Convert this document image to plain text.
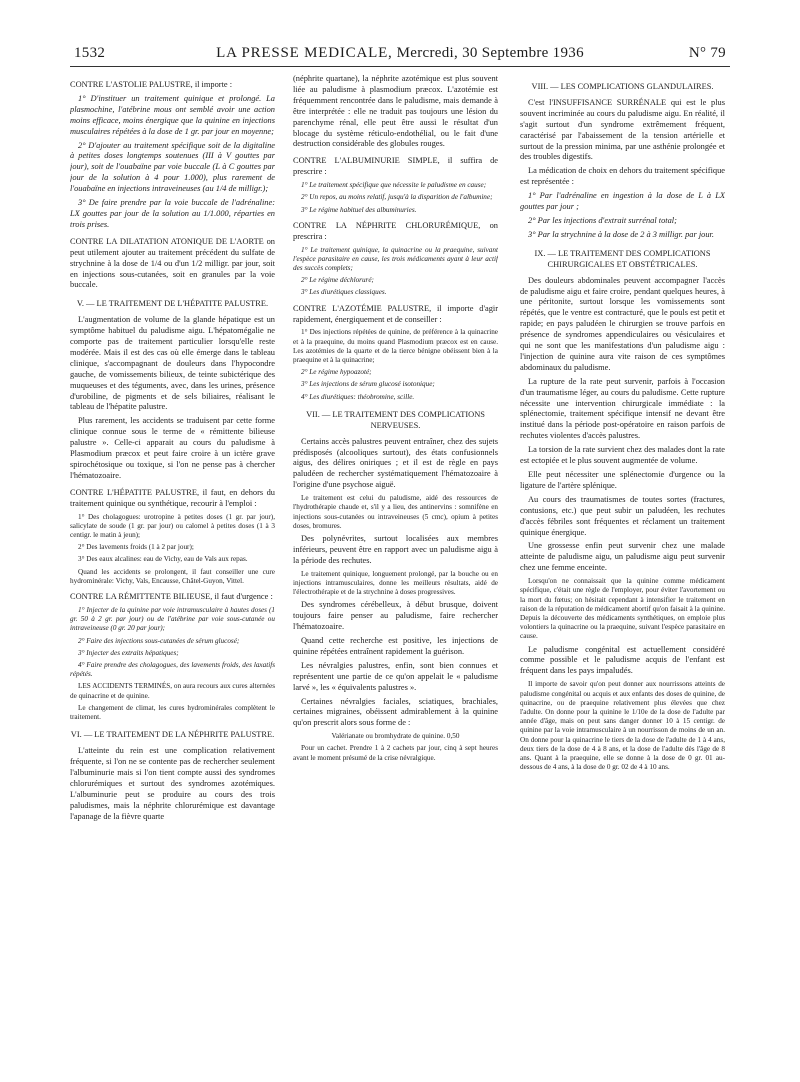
1532	LA PRESSE MEDICALE, Mercredi, 30 Septembre 1936	N° 79

CONTRE L'ASTOLIE PALUSTRE, il importe :

1° D'instituer un traitement quinique et prolongé. La plasmochine, l'atébrine mous ont semblé avoir une action moins efficace, moins énergique que la quinine en injections musculaires répétées à la dose de 1 gr. par jour en moyenne;

2° D'ajouter au traitement spécifique soit de la digitaline à petites doses longtemps soutenues (III à V gouttes par jour), soit de l'ouabaïne par voie buccale (L à C gouttes par jour de la solution à 4 pour 1.000), plus rarement de l'ouabaïne en injections intraveineuses (au 1/4 de milligr.);

3° De faire prendre par la voie buccale de l'adrénaline: LX gouttes par jour de la solution au 1/1.000, réparties en trois prises.

CONTRE LA DILATATION ATONIQUE DE L'AORTE on peut utilement ajouter au traitement précédent du sulfate de strychnine à la dose de 1/4 ou d'un 1/2 milligr. par jour, soit en injections sous-cutanées, soit en granules par la voie buccale.

V. — LE TRAITEMENT DE L'HÉPATITE PALUSTRE.

L'augmentation de volume de la glande hépatique est un symptôme habituel du paludisme aigu. L'hépatomégalie ne comporte pas de traitement particulier lorsqu'elle reste modérée. Mais il est des cas où elle émerge dans le tableau clinique, s'accompagnant de douleurs dans l'hypocondre gauche, de vomissements bilieux, de teinte subictérique des muqueuses et des téguments, avec, dans les urines, présence d'urobiline, de pigments et de sels biliaires, réalisant le tableau de l'hépatite palustre.

Plus rarement, les accidents se traduisent par cette forme clinique connue sous le terme de « rémittente bilieuse palustre ». Celle-ci apparait au cours du paludisme à Plasmodium præcox et peut faire croire à un ictère grave spirochétosique ou toxique, si l'on ne pense pas à chercher l'hématozoaire.

CONTRE L'HÉPATITE PALUSTRE, il faut, en dehors du traitement quinique ou synthétique, recourir à l'emploi :

1° Des cholagogues: urotropine à petites doses (1 gr. par jour), salicylate de soude (1 gr. par jour) ou calomel à petites doses (1 à 3 centigr. le matin à jeun);

2° Des lavements froids (1 à 2 par jour);

3° Des eaux alcalines: eau de Vichy, eau de Vals aux repas.

Quand les accidents se prolongent, il faut conseiller une cure hydrominérale: Vichy, Vals, Encausse, Châtel-Guyon, Vittel.

CONTRE LA RÉMITTENTE BILIEUSE, il faut d'urgence :

1° Injecter de la quinine par voie intramusculaire à hautes doses (1 gr. 50 à 2 gr. par jour) ou de l'atébrine par voie sous-cutanée ou intraveineuse (0 gr. 20 par jour);

2° Faire des injections sous-cutanées de sérum glucosé;

3° Injecter des extraits hépatiques;

4° Faire prendre des cholagogues, des lavements froids, des laxatifs répétés.

LES ACCIDENTS TERMINÉS, on aura recours aux cures alternées de quinacrine et de quinine.

Le changement de climat, les cures hydrominérales complètent le traitement.

VI. — LE TRAITEMENT DE LA NÉPHRITE PALUSTRE.

L'atteinte du rein est une complication relativement fréquente, si l'on ne se contente pas de rechercher seulement l'albuminurie mais si l'on tient compte aussi des syndromes chlorurémiques et surtout des syndromes azotémiques. L'albuminurie peut se produire au cours des trois paludismes, mais la néphrite chlorurémique est davantage l'apanage de la fièvre quarte

(néphrite quartane), la néphrite azotémique est plus souvent liée au paludisme à plasmodium præcox. L'azotémie est fréquemment rencontrée dans le paludisme, mais demande à être interprétée : elle ne traduit pas toujours une lésion du parenchyme rénal, elle peut être aussi le résultat d'un blocage du système réticulo-endothélial, ou le fait d'une destruction considérable des globules rouges.

CONTRE L'ALBUMINURIE SIMPLE, il suffira de prescrire :

1° Le traitement spécifique que nécessite le paludisme en cause;

2° Un repos, au moins relatif, jusqu'à la disparition de l'albumine;

3° Le régime habituel des albuminuries.

CONTRE LA NÉPHRITE CHLORURÉMIQUE, on prescrira :

1° Le traitement quinique, la quinacrine ou la praequine, suivant l'espèce parasitaire en cause, les trois médicaments ayant à leur actif des succès complets;

2° Le régime déchloruré;

3° Les diurétiques classiques.

CONTRE L'AZOTÉMIE PALUSTRE, il importe d'agir rapidement, énergiquement et de conseiller :

1° Des injections répétées de quinine, de préférence à la quinacrine et à la praequine, du moins quand Plasmodium præcox est en cause. Les azotémies de la quarte et de la tierce bénigne obéissent bien à la praequine et à la quinacrine;

2° Le régime hypoazoté;

3° Les injections de sérum glucosé isotonique;

4° Les diurétiques: théobromine, scille.

VII. — LE TRAITEMENT DES COMPLICATIONS NERVEUSES.

Certains accès palustres peuvent entraîner, chez des sujets prédisposés (alcooliques surtout), des états confusionnels aigus, des délires oniriques ; et il est de règle en pays paludéen de rechercher systématiquement l'hématozoaire à l'origine d'une psychose aiguë.

Le traitement est celui du paludisme, aidé des ressources de l'hydrothérapie chaude et, s'il y a lieu, des antinervins : somnifène en injections sous-cutanées ou intraveineuses (5 cmc), opium à petites doses, bromures.

Des polynévrites, surtout localisées aux membres inférieurs, peuvent être en rapport avec un paludisme aigu à la période des rechutes.

Le traitement quinique, longuement prolongé, par la bouche ou en injections intramusculaires, donne les meilleurs résultats, aidé de l'électrothérapie et de la strychnine à doses progressives.

Des syndromes cérébelleux, à début brusque, doivent toujours faire penser au paludisme, faire rechercher l'hématozoaire.

Quand cette recherche est positive, les injections de quinine répétées entraînent rapidement la guérison.

Les névralgies palustres, enfin, sont bien connues et représentent une partie de ce qu'on appelait le « paludisme larvé », les « équivalents palustres ».

Certaines névralgies faciales, sciatiques, brachiales, certaines migraines, obéissent admirablement à la quinine qu'on prescrit alors sous forme de :

Valérianate ou bromhydrate de quinine. 0,50

Pour un cachet. Prendre 1 à 2 cachets par jour, cinq à sept heures avant le moment présumé de la crise névralgique.

VIII. — LES COMPLICATIONS GLANDULAIRES.

C'est l'INSUFFISANCE SURRÉNALE qui est le plus souvent incriminée au cours du paludisme aigu. En réalité, il s'agit surtout d'un syndrome extrêmement fréquent, caractérisé par l'abaissement de la tension artérielle et surtout de la pression minima, par une asthénie prolongée et des troubles digestifs.

La médication de choix en dehors du traitement spécifique est représentée :

1° Par l'adrénaline en ingestion à la dose de L à LX gouttes par jour ;

2° Par les injections d'extrait surrénal total;

3° Par la strychnine à la dose de 2 à 3 milligr. par jour.

IX. — LE TRAITEMENT DES COMPLICATIONS CHIRURGICALES ET OBSTÉTRICALES.

Des douleurs abdominales peuvent accompagner l'accès de paludisme aigu et faire croire, pendant quelques heures, à une péritonite, surtout lorsque les vomissements sont répétés, que le ventre est contracturé, que le pouls est petit et rapide; en pays paludéen le chirurgien se trouve parfois en présence de syndromes appendiculaires ou vésiculaires et qui ne sont que les manifestations d'un paludisme aigu : l'injection de quinine aura vite raison de ces symptômes abdominaux du paludisme.

La rupture de la rate peut survenir, parfois à l'occasion d'un traumatisme léger, au cours du paludisme. Cette rupture nécessite une intervention chirurgicale immédiate : la splénectomie, traitement spécifique intensif ne devant être institué dans la période post-opératoire en raison parfois de rechutes violentes d'accès palustres.

La torsion de la rate survient chez des malades dont la rate est ectopiée et le plus souvent augmentée de volume.

Elle peut nécessiter une splénectomie d'urgence ou la ligature de l'artère splénique.

Au cours des traumatismes de toutes sortes (fractures, contusions, etc.) que peut subir un paludéen, les rechutes d'accès fébriles sont fréquentes et réclament un traitement quinique énergique.

Une grossesse enfin peut survenir chez une malade atteinte de paludisme aigu, un paludisme aigu peut survenir chez une femme enceinte.

Lorsqu'on ne connaissait que la quinine comme médicament spécifique, c'était une règle de l'employer, pour éviter l'avortement ou la mort du fœtus; on hésitait cependant à intensifier le traitement en raison de la réputation de médicament abortif qu'on faisait à la quinine. Depuis la découverte des médicaments synthétiques, on emploie plus volontiers la quinacrine ou la praequine, suivant l'espèce parasitaire en cause.

Le paludisme congénital est actuellement considéré comme possible et le paludisme acquis de l'enfant est fréquent dans les pays impaludés.

Il importe de savoir qu'on peut donner aux nourrissons atteints de paludisme congénital ou acquis et aux enfants des doses de quinine, de quinacrine, ou de praequine relativement plus élevées que chez l'adulte. On donne pour la quinine le 1/10e de la dose de l'adulte par année d'âge, mais on peut sans danger donner 10 à 15 centigr. de quinine par la voie intramusculaire à un nourrisson de moins de un an. On donne pour la quinacrine le tiers de la dose de l'adulte de 1 à 4 ans, deux tiers de la dose de 4 à 8 ans, et la dose de l'adulte dès l'âge de 8 ans. Quant à la praequine, elle se donne à la dose de 0 gr. 01 au-dessous de 4 ans, à la dose de 0 gr. 02 de 4 à 10 ans.
